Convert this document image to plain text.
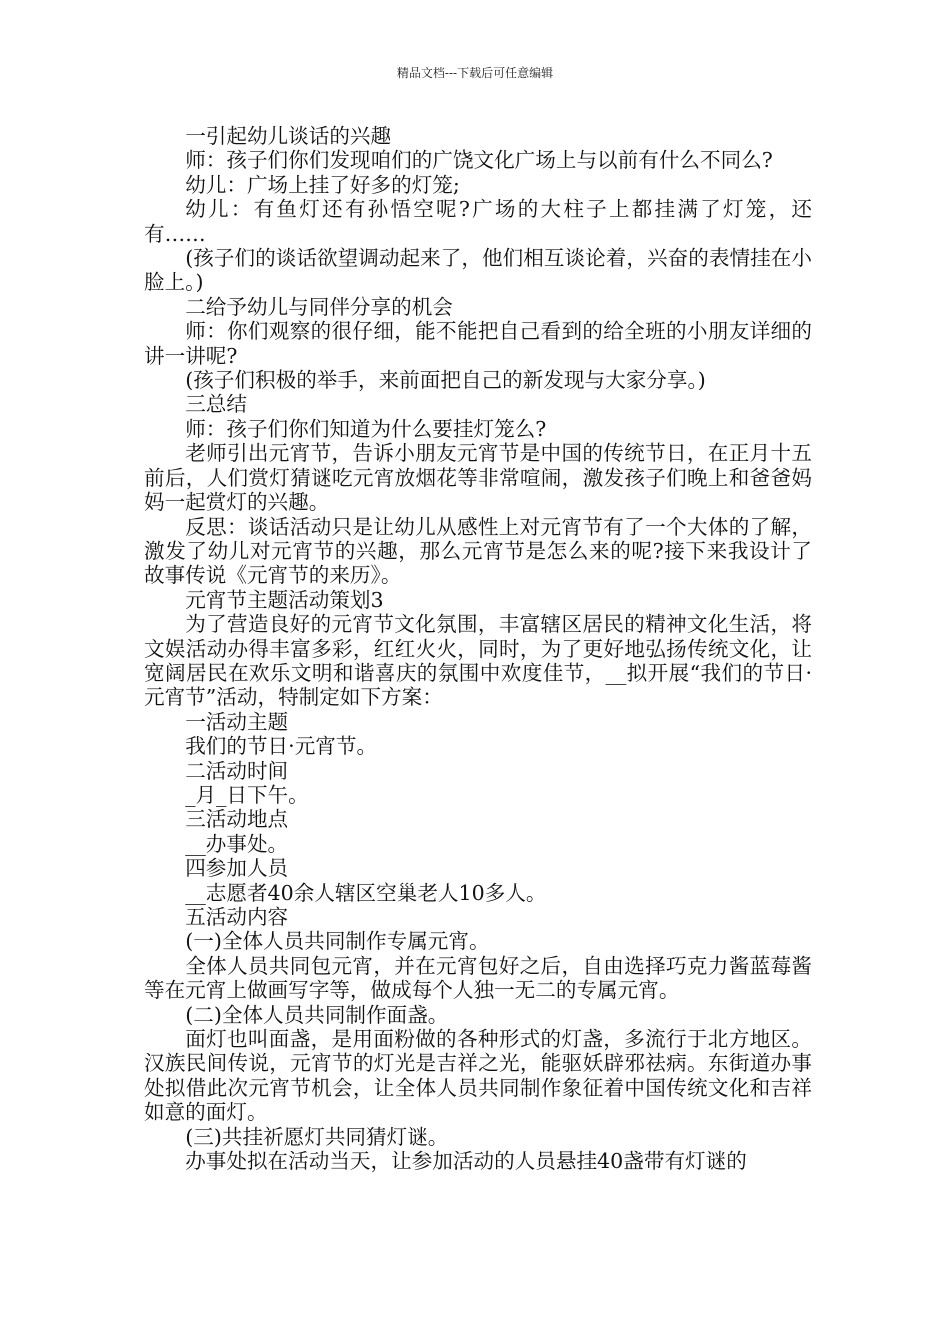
精品文档---下载后可任意编辑

一引起幼儿谈话的兴趣

师：孩子们你们发现咱们的广饶文化广场上与以前有什么不同么?

幼儿：广场上挂了好多的灯笼;

幼儿：有鱼灯还有孙悟空呢?广场的大柱子上都挂满了灯笼，还有……

(孩子们的谈话欲望调动起来了，他们相互谈论着，兴奋的表情挂在小脸上。)

二给予幼儿与同伴分享的机会

师：你们观察的很仔细，能不能把自己看到的给全班的小朋友详细的讲一讲呢?

(孩子们积极的举手，来前面把自己的新发现与大家分享。)

三总结

师：孩子们你们知道为什么要挂灯笼么?

老师引出元宵节，告诉小朋友元宵节是中国的传统节日，在正月十五前后，人们赏灯猜谜吃元宵放烟花等非常喧闹，激发孩子们晚上和爸爸妈妈一起赏灯的兴趣。

反思：谈话活动只是让幼儿从感性上对元宵节有了一个大体的了解，激发了幼儿对元宵节的兴趣，那么元宵节是怎么来的呢?接下来我设计了故事传说《元宵节的来历》。

元宵节主题活动策划3

为了营造良好的元宵节文化氛围，丰富辖区居民的精神文化生活，将文娱活动办得丰富多彩，红红火火，同时，为了更好地弘扬传统文化，让宽阔居民在欢乐文明和谐喜庆的氛围中欢度佳节，__拟开展“我们的节日·元宵节”活动，特制定如下方案：

一活动主题

我们的节日·元宵节。

二活动时间

_月_日下午。

三活动地点

__办事处。

四参加人员

__志愿者40余人辖区空巢老人10多人。

五活动内容

(一)全体人员共同制作专属元宵。

全体人员共同包元宵，并在元宵包好之后，自由选择巧克力酱蓝莓酱等在元宵上做画写字等，做成每个人独一无二的专属元宵。

(二)全体人员共同制作面盏。

面灯也叫面盏，是用面粉做的各种形式的灯盏，多流行于北方地区。汉族民间传说，元宵节的灯光是吉祥之光，能驱妖辟邪祛病。东街道办事处拟借此次元宵节机会，让全体人员共同制作象征着中国传统文化和吉祥如意的面灯。

(三)共挂祈愿灯共同猜灯谜。

办事处拟在活动当天，让参加活动的人员悬挂40盏带有灯谜的
